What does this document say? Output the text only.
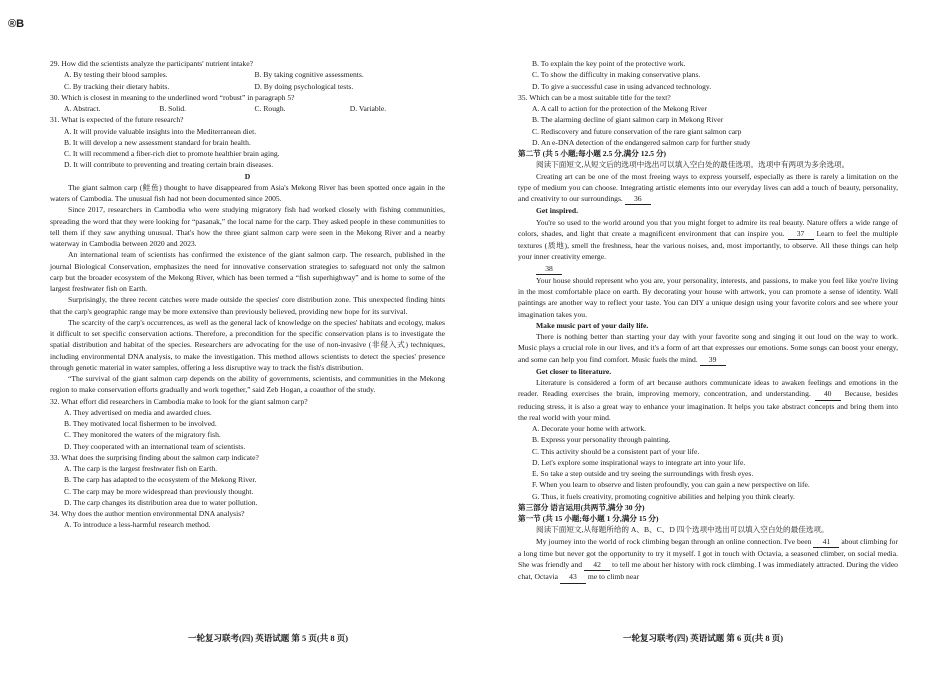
®B

29. How did the scientists analyze the participants' nutrient intake?

A. By testing their blood samples.	B. By taking cognitive assessments.
C. By tracking their dietary habits.	D. By doing psychological tests.

30. Which is closest in meaning to the underlined word “robust” in paragraph 5?

A. Abstract.	B. Solid.	C. Rough.	D. Variable.

31. What is expected of the future research?

A. It will provide valuable insights into the Mediterranean diet.

B. It will develop a new assessment standard for brain health.

C. It will recommend a fiber-rich diet to promote healthier brain aging.

D. It will contribute to preventing and treating certain brain diseases.

D

The giant salmon carp (鲑鱼) thought to have disappeared from Asia's Mekong River has been spotted once again in the waters of Cambodia. The unusual fish had not been documented since 2005.

Since 2017, researchers in Cambodia who were studying migratory fish had worked closely with fishing communities, spreading the word that they were looking for “pasanak,” the local name for the carp. They asked people in these communities to tell them if they saw anything unusual. That's how the three giant salmon carp were seen in the Mekong River and a nearby waterway in Cambodia between 2020 and 2023.

An international team of scientists has confirmed the existence of the giant salmon carp. The research, published in the journal Biological Conservation, emphasizes the need for innovative conservation strategies to safeguard not only the salmon carp but the broader ecosystem of the Mekong River, which has been termed a “fish superhighway” and is home to some of the largest freshwater fish on Earth.

Surprisingly, the three recent catches were made outside the species' core distribution zone. This unexpected finding hints that the carp's geographic range may be more extensive than previously believed, providing new hope for its survival.

The scarcity of the carp's occurrences, as well as the general lack of knowledge on the species' habitats and ecology, makes it difficult to set specific conservation actions. Therefore, a precondition for the specific conservation plans is to investigate the spatial distribution and habitat of the species. Researchers are advocating for the use of non-invasive (非侵入式) techniques, including environmental DNA analysis, to make the investigation. This method allows scientists to detect the species' presence through genetic material in water samples, offering a less disruptive way to track the fish's distribution.

“The survival of the giant salmon carp depends on the ability of governments, scientists, and communities in the Mekong region to make conservation efforts gradually and work together,” said Zeb Hogan, a coauthor of the study.

32. What effort did researchers in Cambodia make to look for the giant salmon carp?

A. They advertised on media and awarded clues.

B. They motivated local fishermen to be involved.

C. They monitored the waters of the migratory fish.

D. They cooperated with an international team of scientists.

33. What does the surprising finding about the salmon carp indicate?

A. The carp is the largest freshwater fish on Earth.

B. The carp has adapted to the ecosystem of the Mekong River.

C. The carp may be more widespread than previously thought.

D. The carp changes its distribution area due to water pollution.

34. Why does the author mention environmental DNA analysis?

A. To introduce a less-harmful research method.

B. To explain the key point of the protective work.

C. To show the difficulty in making conservative plans.

D. To give a successful case in using advanced technology.

35. Which can be a most suitable title for the text?

A. A call to action for the protection of the Mekong River

B. The alarming decline of giant salmon carp in Mekong River

C. Rediscovery and future conservation of the rare giant salmon carp

D. An e-DNA detection of the endangered salmon carp for further study

第二节 (共 5 小题;每小题 2.5 分,满分 12.5 分)

阅读下面短文,从短文后的选项中选出可以填入空白处的最佳选项。选项中有两项为多余选项。

Creating art can be one of the most freeing ways to express yourself, especially as there is rarely a limitation on the type of medium you can choose. Integrating artistic elements into our everyday lives can add a touch of beauty, personality, and creativity to our surroundings. 36

Get inspired.

You're so used to the world around you that you might forget to admire its real beauty. Nature offers a wide range of colors, shades, and light that create a magnificent environment that can inspire you. 37 Learn to feel the multiple textures (质地), smell the freshness, hear the various noises, and, most importantly, to observe. All these things can help your inner creativity emerge.

38

Your house should represent who you are, your personality, interests, and passions, to make you feel like you're living in the most comfortable place on earth. By decorating your house with artwork, you can promote a sense of identity. Wall paintings are another way to reflect your taste. You can DIY a unique design using your favorite colors and see where your imagination takes you.

Make music part of your daily life.

There is nothing better than starting your day with your favorite song and singing it out loud on the way to work. Music plays a crucial role in our lives, and it's a form of art that expresses our emotions. Some songs can boost your energy, and some can help you find comfort. Music fuels the mind. 39

Get closer to literature.

Literature is considered a form of art because authors communicate ideas to awaken feelings and emotions in the reader. Reading exercises the brain, improving memory, concentration, and understanding. 40 Because, besides reducing stress, it is also a great way to enhance your imagination. It helps you take abstract concepts and bring them into the real world with your mind.

A. Decorate your home with artwork.

B. Express your personality through painting.

C. This activity should be a consistent part of your life.

D. Let's explore some inspirational ways to integrate art into your life.

E. So take a step outside and try seeing the surroundings with fresh eyes.

F. When you learn to observe and listen profoundly, you can gain a new perspective on life.

G. Thus, it fuels creativity, promoting cognitive abilities and helping you think clearly.

第三部分 语言运用(共两节,满分 30 分)

第一节 (共 15 小题;每小题 1 分,满分 15 分)

阅读下面短文,从每题所给的 A、B、C、D 四个选项中选出可以填入空白处的最佳选项。

My journey into the world of rock climbing began through an online connection. I've been 41 about climbing for a long time but never got the opportunity to try it myself. I got in touch with Octavia, a seasoned climber, on social media. She was friendly and 42 to tell me about her history with rock climbing. I was immediately attracted. During the video chat, Octavia 43 me to climb near

一轮复习联考(四) 英语试题 第 5 页(共 8 页)	一轮复习联考(四) 英语试题 第 6 页(共 8 页)
